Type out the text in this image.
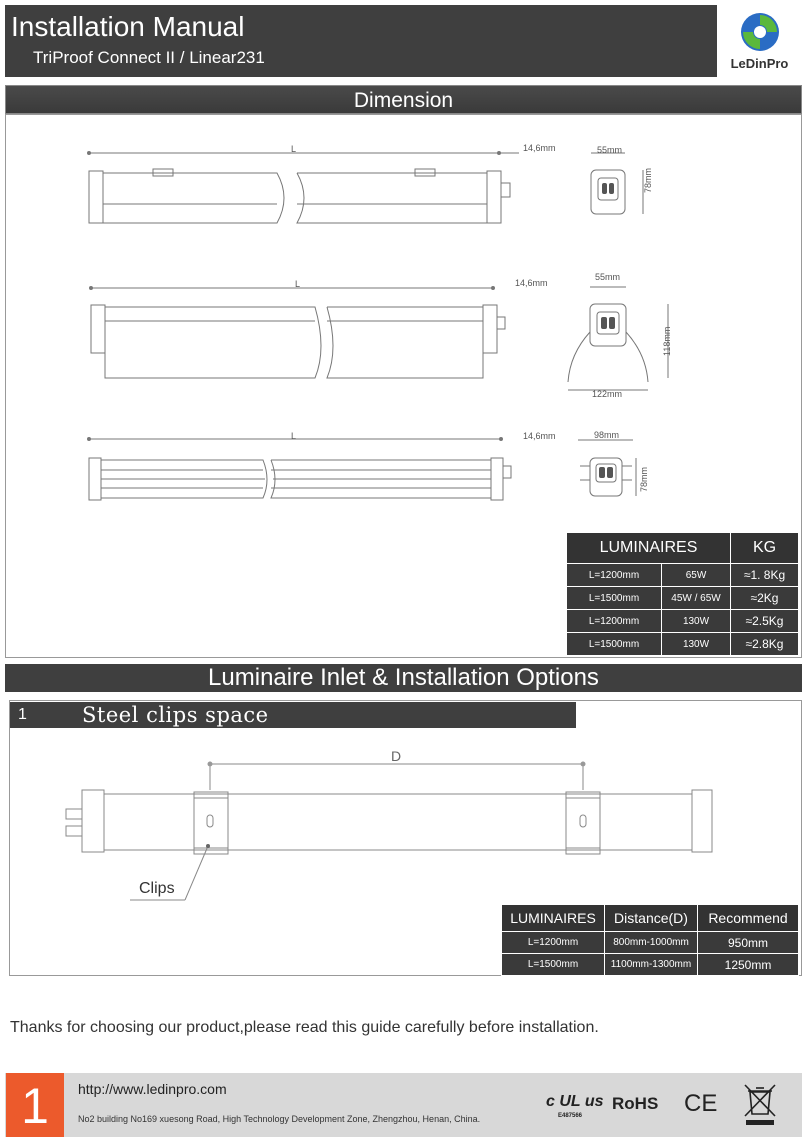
Installation Manual
TriProof Connect II / Linear231	LeDinPro
Dimension
L	14,6mm	55mm
78mm
L	14,6mm
55mm
118mm
122mm
L	14,6mm	98mm
78mm
LUMINAIRES		KG
L=1200mm	65W	≈1. 8Kg
L=1500mm	45W / 65W	≈2Kg
L=1200mm	130W	≈2.5Kg
L=1500mm	130W	≈2.8Kg
Luminaire Inlet & Installation Options
1	Steel clips space
D
Clips
LUMINAIRES	Distance(D)	Recommend
L=1200mm	800mm-1000mm	950mm
L=1500mm	1100mm-1300mm	1250mm
Thanks for choosing our product,please read this guide carefully before installation.
1	http://www.ledinpro.com
No2 building No169 xuesong Road, High Technology Development Zone, Zhengzhou, Henan, China.
c UL us
E487566
RoHS CE
